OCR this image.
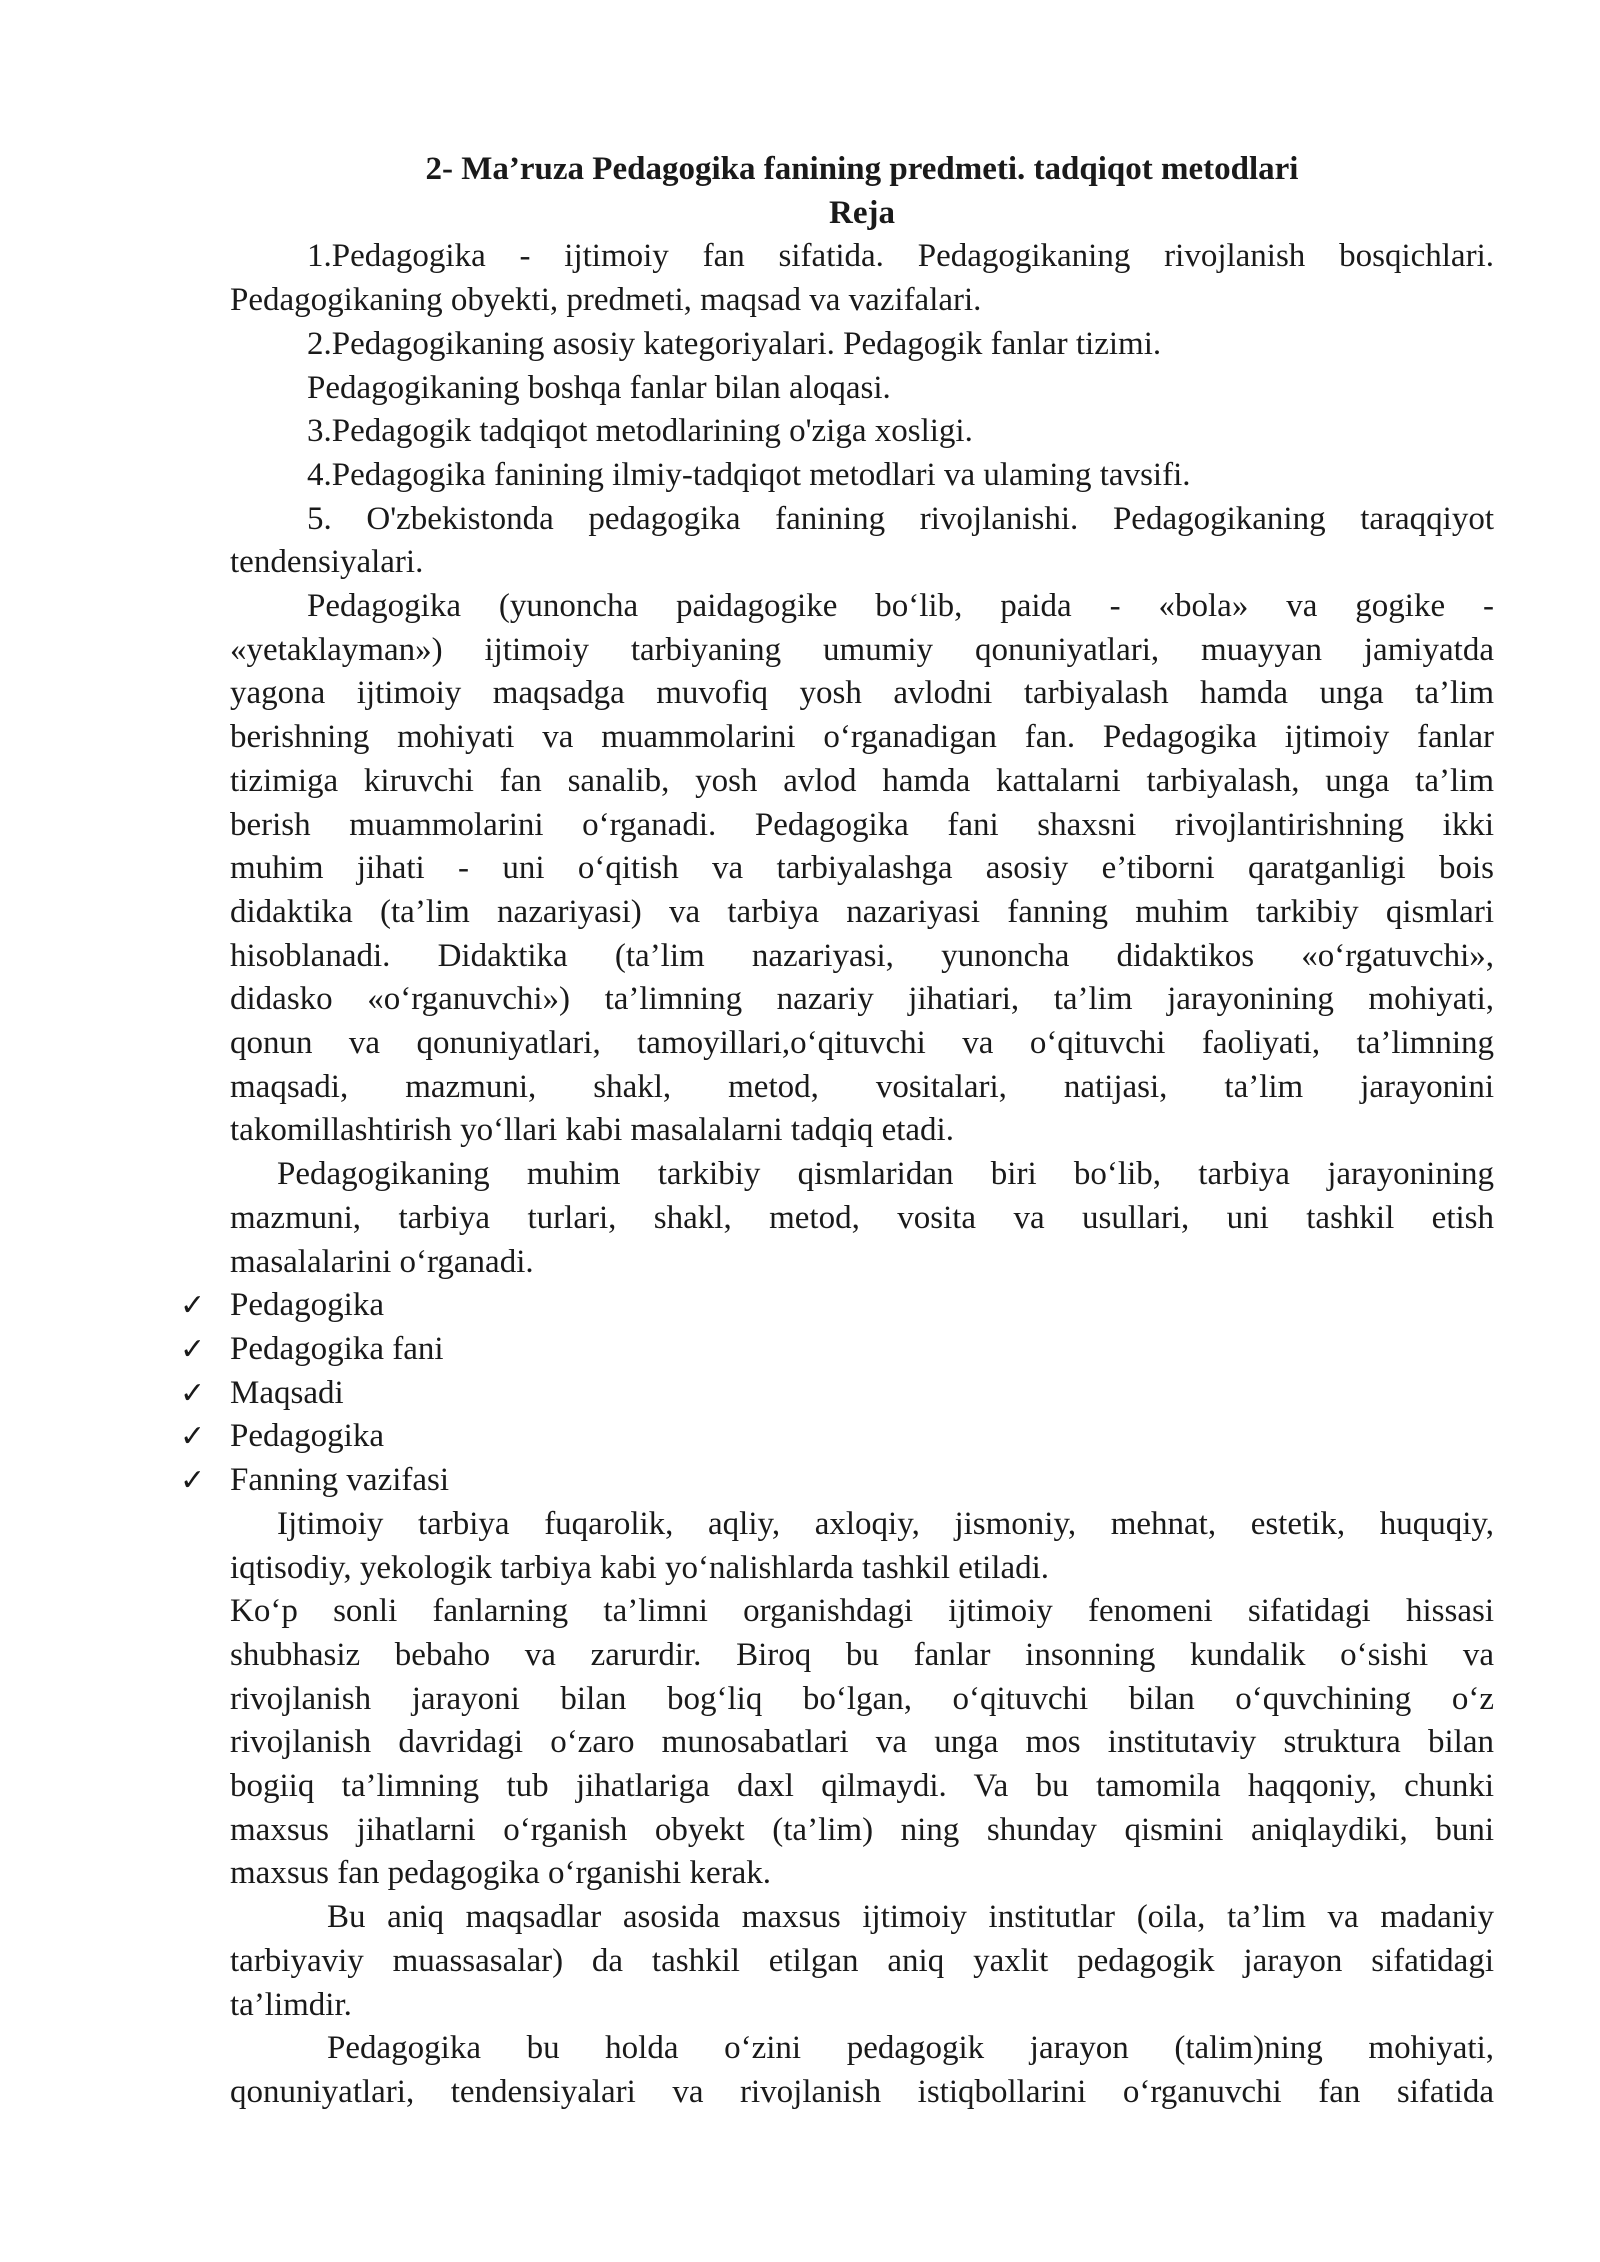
2- Ma’ruza Pedagogika fanining predmeti. tadqiqot metodlari
Reja
1.Pedagogika - ijtimoiy fan sifatida. Pedagogikaning rivojlanish bosqichlari.
Pedagogikaning obyekti, predmeti, maqsad va vazifalari.
2.Pedagogikaning asosiy kategoriyalari. Pedagogik fanlar tizimi.
Pedagogikaning boshqa fanlar bilan aloqasi.
3.Pedagogik tadqiqot metodlarining o'ziga xosligi.
4.Pedagogika fanining ilmiy-tadqiqot metodlari va ulaming tavsifi.
5. O'zbekistonda pedagogika fanining rivojlanishi. Pedagogikaning taraqqiyot
tendensiyalari.
Pedagogika (yunoncha paidagogike bo‘lib, paida - «bola» va gogike -
«yetaklayman») ijtimoiy tarbiyaning umumiy qonuniyatlari, muayyan jamiyatda
yagona ijtimoiy maqsadga muvofiq yosh avlodni tarbiyalash hamda unga ta’lim
berishning mohiyati va muammolarini o‘rganadigan fan. Pedagogika ijtimoiy fanlar
tizimiga kiruvchi fan sanalib, yosh avlod hamda kattalarni tarbiyalash, unga ta’lim
berish muammolarini o‘rganadi. Pedagogika fani shaxsni rivojlantirishning ikki
muhim jihati - uni o‘qitish va tarbiyalashga asosiy e’tiborni qaratganligi bois
didaktika (ta’lim nazariyasi) va tarbiya nazariyasi fanning muhim tarkibiy qismlari
hisoblanadi. Didaktika (ta’lim nazariyasi, yunoncha didaktikos «o‘rgatuvchi»,
didasko «o‘rganuvchi») ta’limning nazariy jihatiari, ta’lim jarayonining mohiyati,
qonun va qonuniyatlari, tamoyillari,o‘qituvchi va o‘qituvchi faoliyati, ta’limning
maqsadi, mazmuni, shakl, metod, vositalari, natijasi, ta’lim jarayonini
takomillashtirish yo‘llari kabi masalalarni tadqiq etadi.
Pedagogikaning muhim tarkibiy qismlaridan biri bo‘lib, tarbiya jarayonining
mazmuni, tarbiya turlari, shakl, metod, vosita va usullari, uni tashkil etish
masalalarini o‘rganadi.
✓ Pedagogika
✓ Pedagogika fani
✓ Maqsadi
✓ Pedagogika
✓ Fanning vazifasi
Ijtimoiy tarbiya fuqarolik, aqliy, axloqiy, jismoniy, mehnat, estetik, huquqiy,
iqtisodiy, yekologik tarbiya kabi yo‘nalishlarda tashkil etiladi.
Ko‘p sonli fanlarning ta’limni organishdagi ijtimoiy fenomeni sifatidagi hissasi
shubhasiz bebaho va zarurdir. Biroq bu fanlar insonning kundalik o‘sishi va
rivojlanish jarayoni bilan bog‘liq bo‘lgan, o‘qituvchi bilan o‘quvchining o‘z
rivojlanish davridagi o‘zaro munosabatlari va unga mos institutaviy struktura bilan
bogiiq ta’limning tub jihatlariga daxl qilmaydi. Va bu tamomila haqqoniy, chunki
maxsus jihatlarni o‘rganish obyekt (ta’lim) ning shunday qismini aniqlaydiki, buni
maxsus fan pedagogika o‘rganishi kerak.
Bu aniq maqsadlar asosida maxsus ijtimoiy institutlar (oila, ta’lim va madaniy
tarbiyaviy muassasalar) da tashkil etilgan aniq yaxlit pedagogik jarayon sifatidagi
ta’limdir.
Pedagogika bu holda o‘zini pedagogik jarayon (talim)ning mohiyati,
qonuniyatlari, tendensiyalari va rivojlanish istiqbollarini o‘rganuvchi fan sifatida
